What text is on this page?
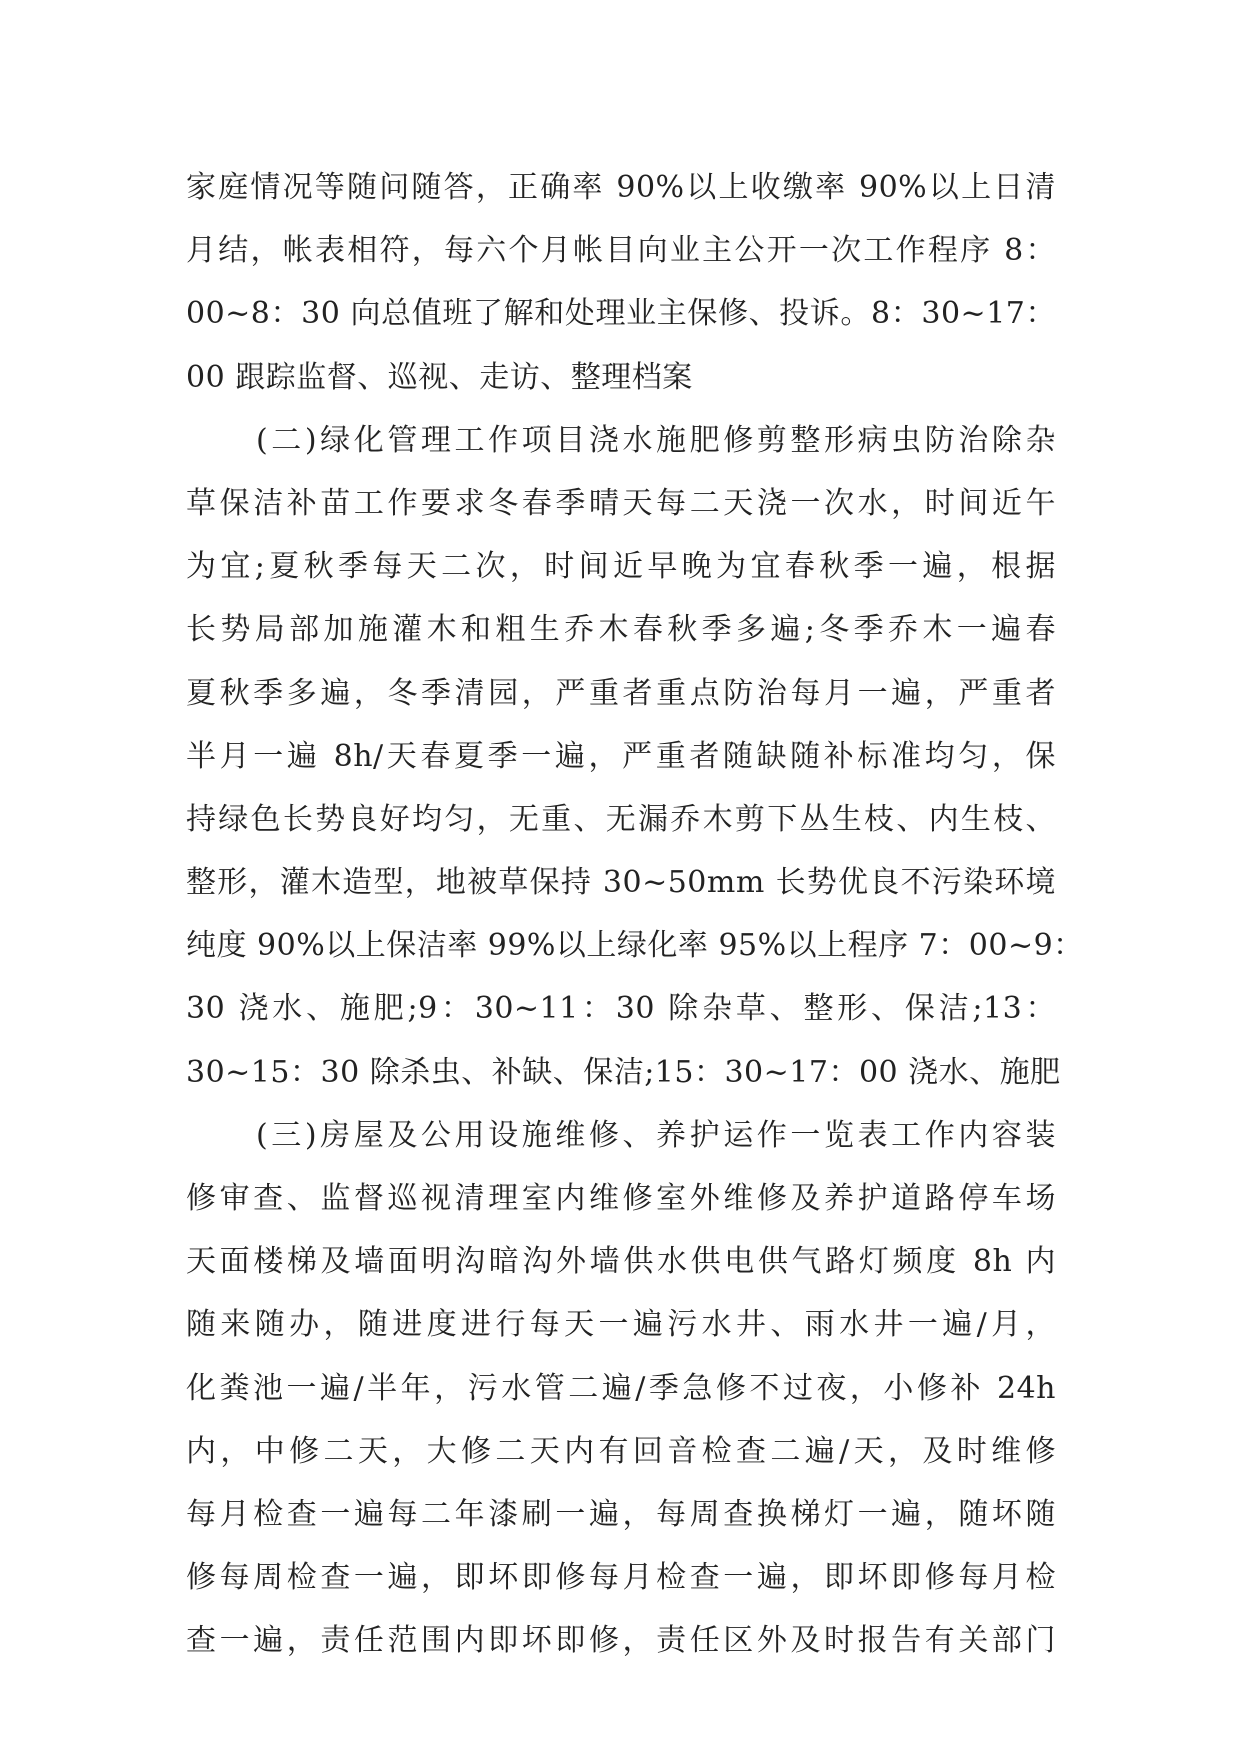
家庭情况等随问随答，正确率 90%以上收缴率 90%以上日清
月结，帐表相符，每六个月帐目向业主公开一次工作程序 8：
00~8：30 向总值班了解和处理业主保修、投诉。8：30~17：
00 跟踪监督、巡视、走访、整理档案
(二)绿化管理工作项目浇水施肥修剪整形病虫防治除杂
草保洁补苗工作要求冬春季晴天每二天浇一次水，时间近午
为宜;夏秋季每天二次，时间近早晚为宜春秋季一遍，根据
长势局部加施灌木和粗生乔木春秋季多遍;冬季乔木一遍春
夏秋季多遍，冬季清园，严重者重点防治每月一遍，严重者
半月一遍 8h/天春夏季一遍，严重者随缺随补标准均匀，保
持绿色长势良好均匀，无重、无漏乔木剪下丛生枝、内生枝、
整形，灌木造型，地被草保持 30~50mm 长势优良不污染环境
纯度 90%以上保洁率 99%以上绿化率 95%以上程序 7：00~9：
30 浇水、施肥;9：30~11：30 除杂草、整形、保洁;13：
30~15：30 除杀虫、补缺、保洁;15：30~17：00 浇水、施肥
(三)房屋及公用设施维修、养护运作一览表工作内容装
修审查、监督巡视清理室内维修室外维修及养护道路停车场
天面楼梯及墙面明沟暗沟外墙供水供电供气路灯频度 8h 内
随来随办，随进度进行每天一遍污水井、雨水井一遍/月，
化粪池一遍/半年，污水管二遍/季急修不过夜，小修补 24h
内，中修二天，大修二天内有回音检查二遍/天，及时维修
每月检查一遍每二年漆刷一遍，每周查换梯灯一遍，随坏随
修每周检查一遍，即坏即修每月检查一遍，即坏即修每月检
查一遍，责任范围内即坏即修，责任区外及时报告有关部门
